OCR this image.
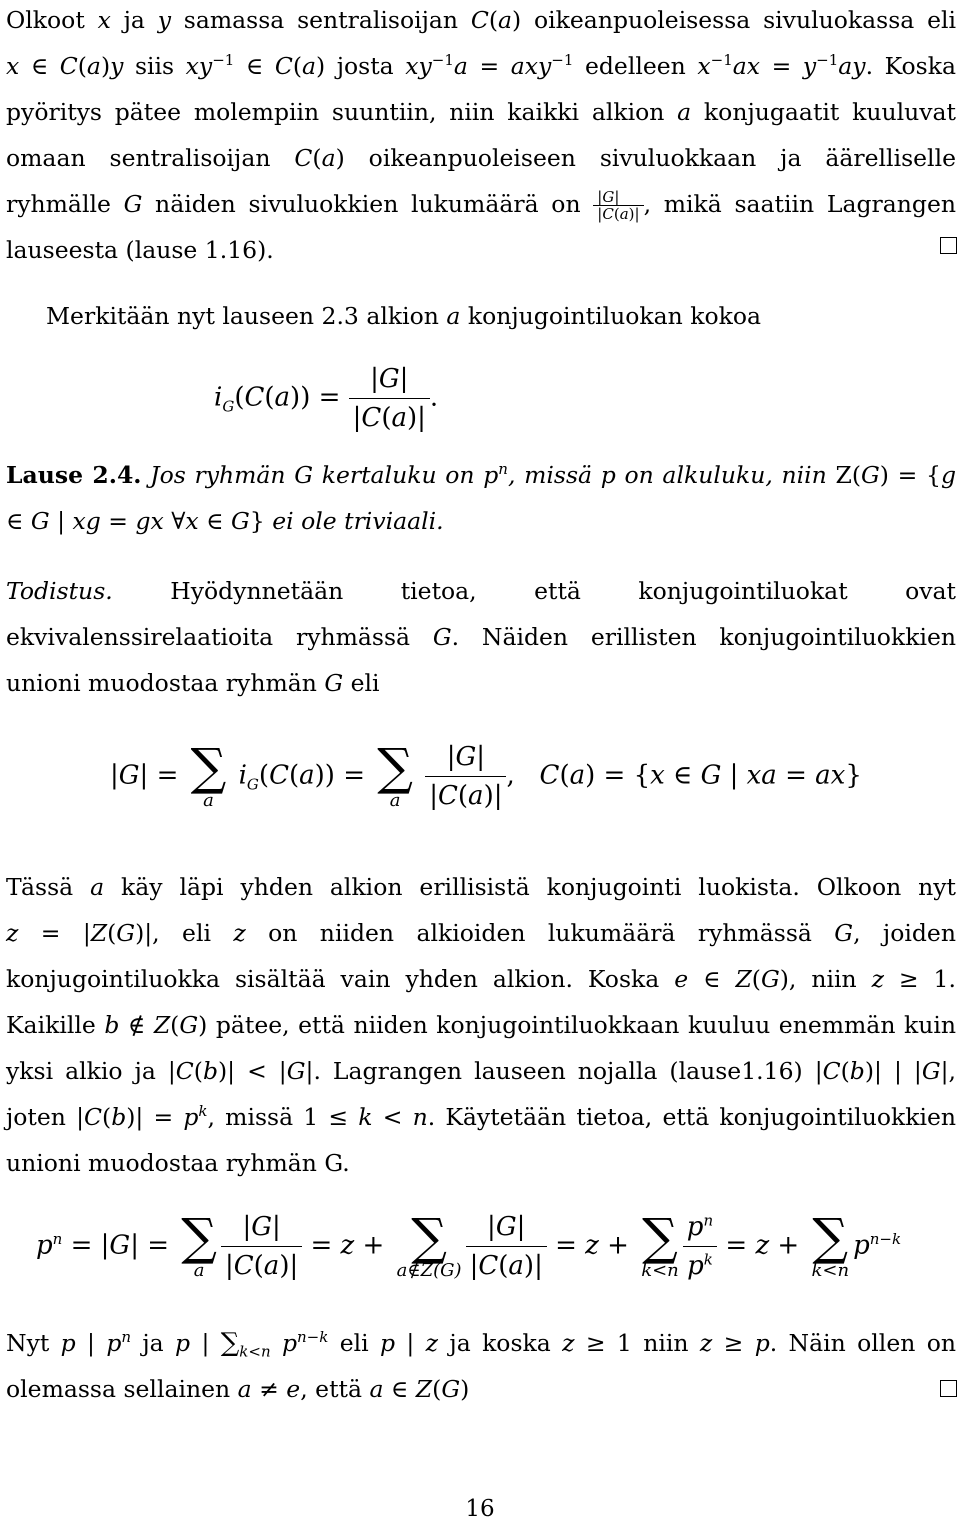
Olkoot x ja y samassa sentralisoijan C(a) oikeanpuoleisessa sivuluokassa eli x ∈ C(a)y siis $xy^{-1}$ ∈ C(a) josta $xy^{-1}a = axy^{-1}$ edelleen $x^{-1}ax = y^{-1}ay$. Koska pyöritys pätee molempiin suuntiin, niin kaikki alkion a konjugaatit kuuluvat omaan sentralisoijan C(a) oikeanpuoleiseen sivuluokkaan ja äärelliselle ryhmälle G näiden sivuluokkien lukumäärä on $\frac{|G|}{|C(a)|}$ , mikä saatiin Lagrangen lauseesta (lause 1.16).

Merkitään nyt lauseen 2.3 alkion a konjugointiluokan kokoa

$i_G(C(a)) = \frac{|G|}{|C(a)|}$ .

Lause 2.4. Jos ryhmän G kertaluku on $p^n$, missä p on alkuluku, niin Z(G) = {g ∈ G | xg = gx ∀x ∈ G} ei ole triviaali.

Todistus. Hyödynnetään tietoa, että konjugointiluokat ovat ekvivalenssirelaatioita ryhmässä G. Näiden erillisten konjugointiluokkien unioni muodostaa ryhmän G eli

|G| = ∑
a
$i_G(C(a))$ = ∑
a
$\frac{|G|}{|C(a)|}$ ,   C(a) = {x ∈ G | xa = ax}

Tässä a käy läpi yhden alkion erillisistä konjugointi luokista. Olkoon nyt z = |Z(G)|, eli z on niiden alkioiden lukumäärä ryhmässä G, joiden konjugointiluokka sisältää vain yhden alkion. Koska e ∈ Z(G), niin z ≥ 1. Kaikille b ∉ Z(G) pätee, että niiden konjugointiluokkaan kuuluu enemmän kuin yksi alkio ja |C(b)| < |G|. Lagrangen lauseen nojalla (lause1.16) |C(b)| | |G|, joten $|C(b)| = p^k$, missä 1 ≤ k < n. Käytetään tietoa, että konjugointiluokkien unioni muodostaa ryhmän G.

$p^n = |G|$ = ∑
a $\frac{|G|}{|C(a)|} = z$ + ∑
a∉Z(G) $\frac{|G|}{|C(a)|} = z$ + ∑
$k<n \frac{p^n}{p^k} = z$ + ∑
k<n
$p^{n-k}$

Nyt p | $p^n$ ja p | $\sum_{k<n}$ $p^{n-k}$ eli p | z ja koska z ≥ 1 niin z ≥ p. Näin ollen on olemassa sellainen a ≠ e, että a ∈ Z(G)

16
